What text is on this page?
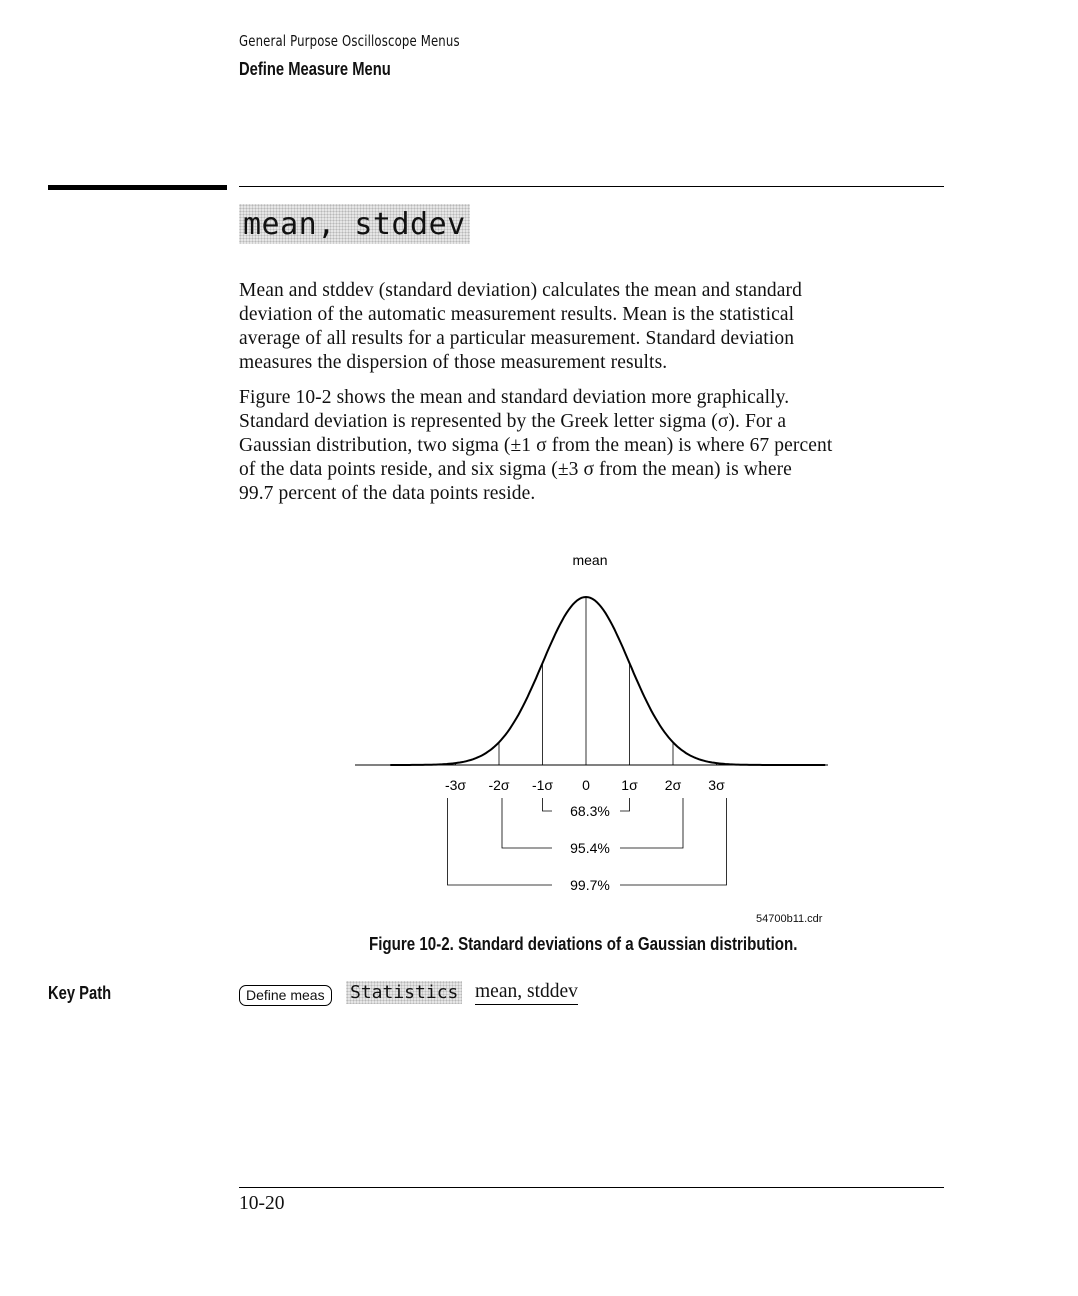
General Purpose Oscilloscope Menus
Define Measure Menu
mean, stddev
Mean and stddev (standard deviation) calculates the mean and standard
deviation of the automatic measurement results. Mean is the statistical
average of all results for a particular measurement. Standard deviation
measures the dispersion of those measurement results.
Figure 10-2 shows the mean and standard deviation more graphically.
Standard deviation is represented by the Greek letter sigma (σ). For a
Gaussian distribution, two sigma (±1 σ from the mean) is where 67 percent
of the data points reside, and six sigma (±3 σ from the mean) is where
99.7 percent of the data points reside.
mean
-3σ -2σ -1σ 0 1σ 2σ 3σ
68.3%
95.4%
99.7%
54700b11.cdr
Figure 10-2. Standard deviations of a Gaussian distribution.
Key Path	Define meas	Statistics mean, stddev
10-20
